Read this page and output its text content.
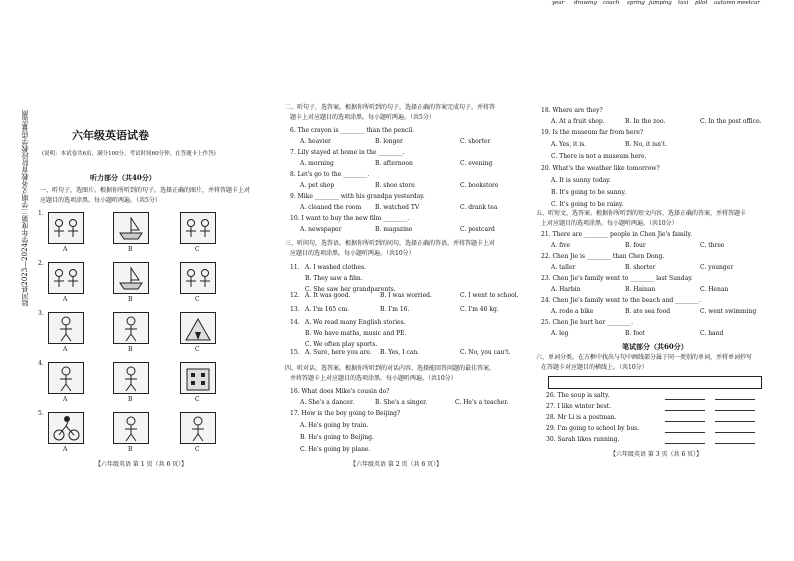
陆河县2023—2024学年度第二学期义务教育阶段教学质量监测	六年级英语试卷
(说明：本试卷共6页，满分100分，考试时间60分钟，在答题卡上作答)
听力部分（共40分）
一、听句子，选图片。根据你所听到的句子，选择正确的图片，并将答题卡上对
应题目的选项涂黑。每小题听两遍。（共5分）
1.
A	B	C
2.
A	B	C
3.
A	B	C
4.
A	B	C
5.
A	B	C
【六年级英语 第 1 页（共 6 页）】
二、听句子，选答案。根据你所听到的句子，选择正确的答案完成句子，并将答
题卡上对应题目的选项涂黑。每小题听两遍。（共5分）
6. The crayon is ________ than the pencil.
A. heavier	B. longer	C. shorter
7. Lily stayed at home in the ________.
A. morning	B. afternoon	C. evening
8. Let's go to the ________.
A. pet shop	B. shoe store	C. bookstore
9. Mike ________ with his grandpa yesterday.
A. cleaned the room B. watched TV	C. drank tea
10. I want to buy the new film ________.
A. newspaper	B. magazine	C. postcard
三、听问句，选答语。根据你所听到的问句，选择正确的答语，并将答题卡上对
应题目的选项涂黑。每小题听两遍。（共10分）
11. A. I washed clothes.
B. They saw a film.
C. She saw her grandparents.
12. A. It was good.	B. I was worried.	C. I went to school.
13. A. I'm 165 cm.	B. I'm 16.	C. I'm 46 kg.
14. A. We read many English stories.
B. We have maths, music and PE.
C. We often play sports.
15. A. Sure, here you are. B. Yes, I can.	C. No, you can't.
四、听对话，选答案。根据你所听到的对话内容，选择能回答问题的最佳答案，
并将答题卡上对应题目的选项涂黑。每小题听两遍。（共10分）
16. What does Mike's cousin do?
A. She's a dancer.	B. She's a singer.	C. He's a teacher.
17. How is the boy going to Beijing?
A. He's going by train.
B. He's going to Beijing.
C. He's going by plane.
【六年级英语 第 2 页（共 6 页）】
18. Where are they?
A. At a fruit shop.	B. In the zoo.	C. In the post office.
19. Is the museum far from here?
A. Yes, it is.	B. No, it isn't.
C. There is not a museum here.
20. What's the weather like tomorrow?
A. It is sunny today.
B. It's going to be sunny.
C. It's going to be rainy.
五、听短文，选答案。根据你所听到的短文内容，选择正确的答案，并将答题卡
上对应题目的选项涂黑。每小题听两遍。（共10分）
21. There are ________ people in Chen Jie's family.
A. five	B. four	C. three
22. Chen Jie is ________ than Chen Dong.
A. taller	B. shorter	C. younger
23. Chen Jie's family went to ________ last Sunday.
A. Harbin	B. Hainan	C. Henan
24. Chen Jie's family went to the beach and ________.
A. rode a bike	B. ate sea food	C. went swimming
25. Chen Jie hurt her ________.
A. leg	B. foot	C. hand
笔试部分（共60分）
六、单词分类。在方框中找出与句中画线部分属于同一类别的单词，并将单词抄写
在答题卡对应题目的横线上。（共10分）
year drawing coach spring jumping taxi pilot autumn meet car
26. The soup is salty.
27. I like winter best.
28. Mr Li is a postman.
29. I'm going to school by bus.
30. Sarah likes running.
【六年级英语 第 3 页（共 6 页）】
